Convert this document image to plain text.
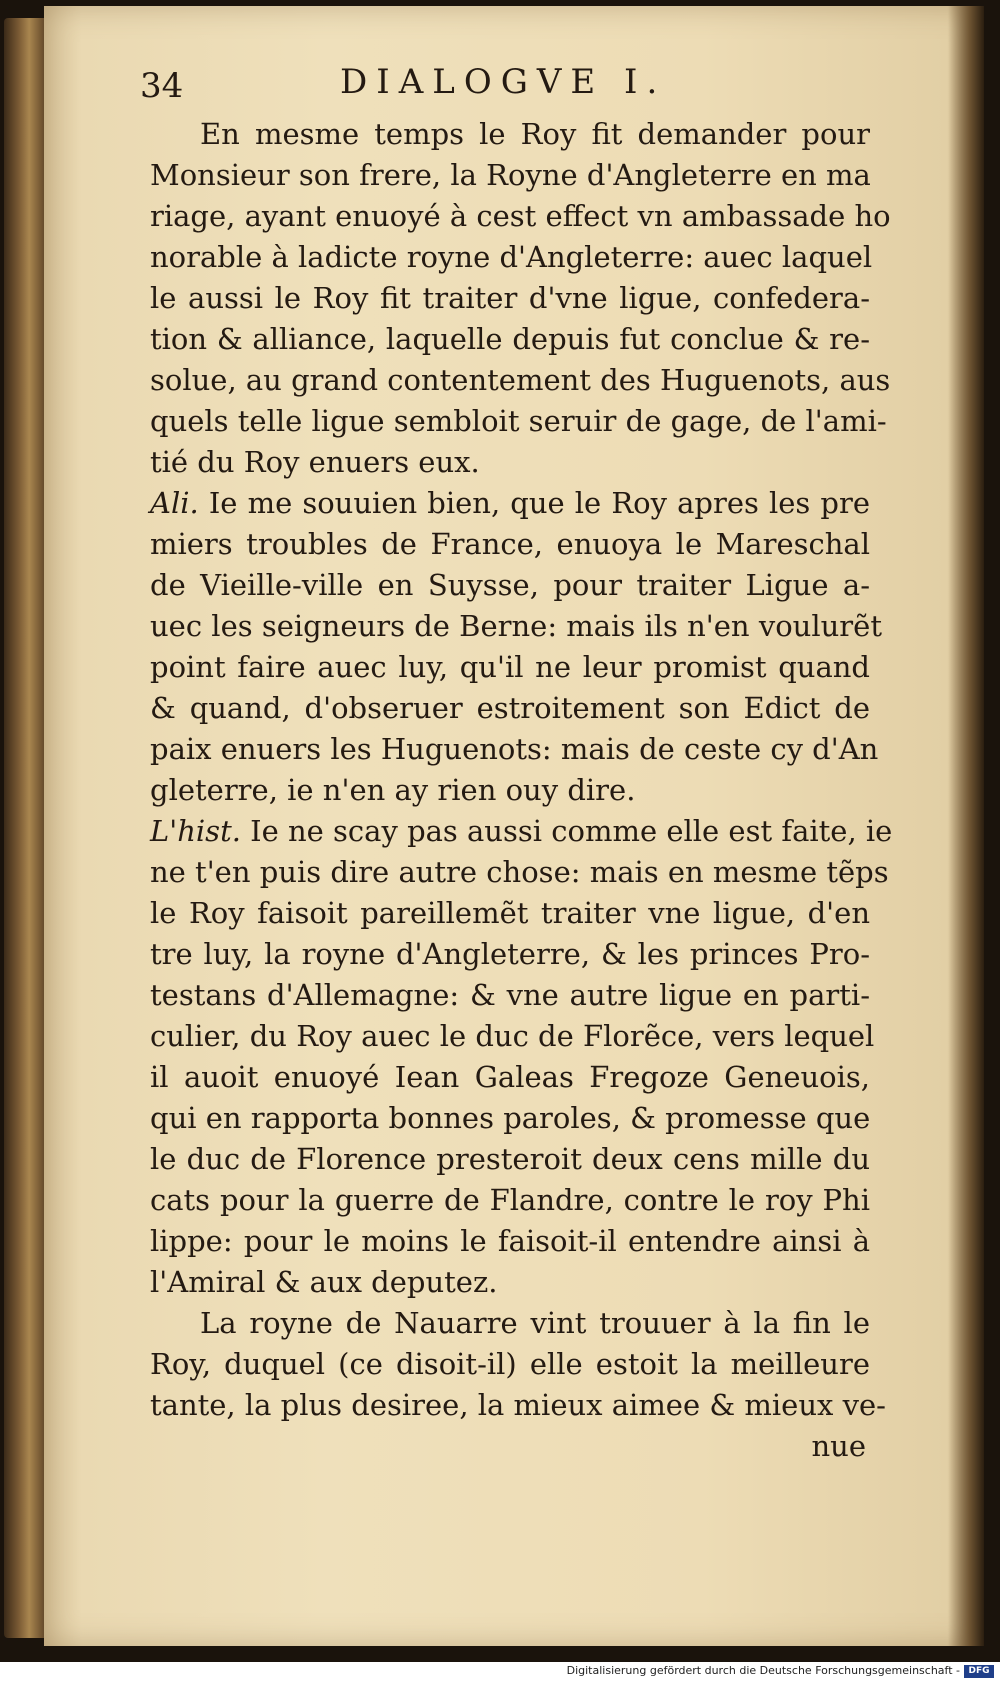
34	DIALOGVE I.
En mesme temps le Roy fit demander pour
Monsieur son frere, la Royne d'Angleterre en ma
riage, ayant enuoyé à cest effect vn ambassade ho
norable à ladicte royne d'Angleterre: auec laquel
le aussi le Roy fit traiter d'vne ligue, confedera-
tion & alliance, laquelle depuis fut conclue & re-
solue, au grand contentement des Huguenots, aus
quels telle ligue sembloit seruir de gage, de l'ami-
tié du Roy enuers eux.
Ali. Ie me souuien bien, que le Roy apres les pre
miers troubles de France, enuoya le Mareschal
de Vieille-ville en Suysse, pour traiter Ligue a-
uec les seigneurs de Berne: mais ils n'en voulurẽt
point faire auec luy, qu'il ne leur promist quand
& quand, d'obseruer estroitement son Edict de
paix enuers les Huguenots: mais de ceste cy d'An
gleterre, ie n'en ay rien ouy dire.
L'hist. Ie ne scay pas aussi comme elle est faite, ie
ne t'en puis dire autre chose: mais en mesme tẽps
le Roy faisoit pareillemẽt traiter vne ligue, d'en
tre luy, la royne d'Angleterre, & les princes Pro-
testans d'Allemagne: & vne autre ligue en parti-
culier, du Roy auec le duc de Florẽce, vers lequel
il auoit enuoyé Iean Galeas Fregoze Geneuois,
qui en rapporta bonnes paroles, & promesse que
le duc de Florence presteroit deux cens mille du
cats pour la guerre de Flandre, contre le roy Phi
lippe: pour le moins le faisoit-il entendre ainsi à
l'Amiral & aux deputez.
La royne de Nauarre vint trouuer à la fin le
Roy, duquel (ce disoit-il) elle estoit la meilleure
tante, la plus desiree, la mieux aimee & mieux ve-
nue
Digitalisierung gefördert durch die Deutsche Forschungsgemeinschaft - DFG
